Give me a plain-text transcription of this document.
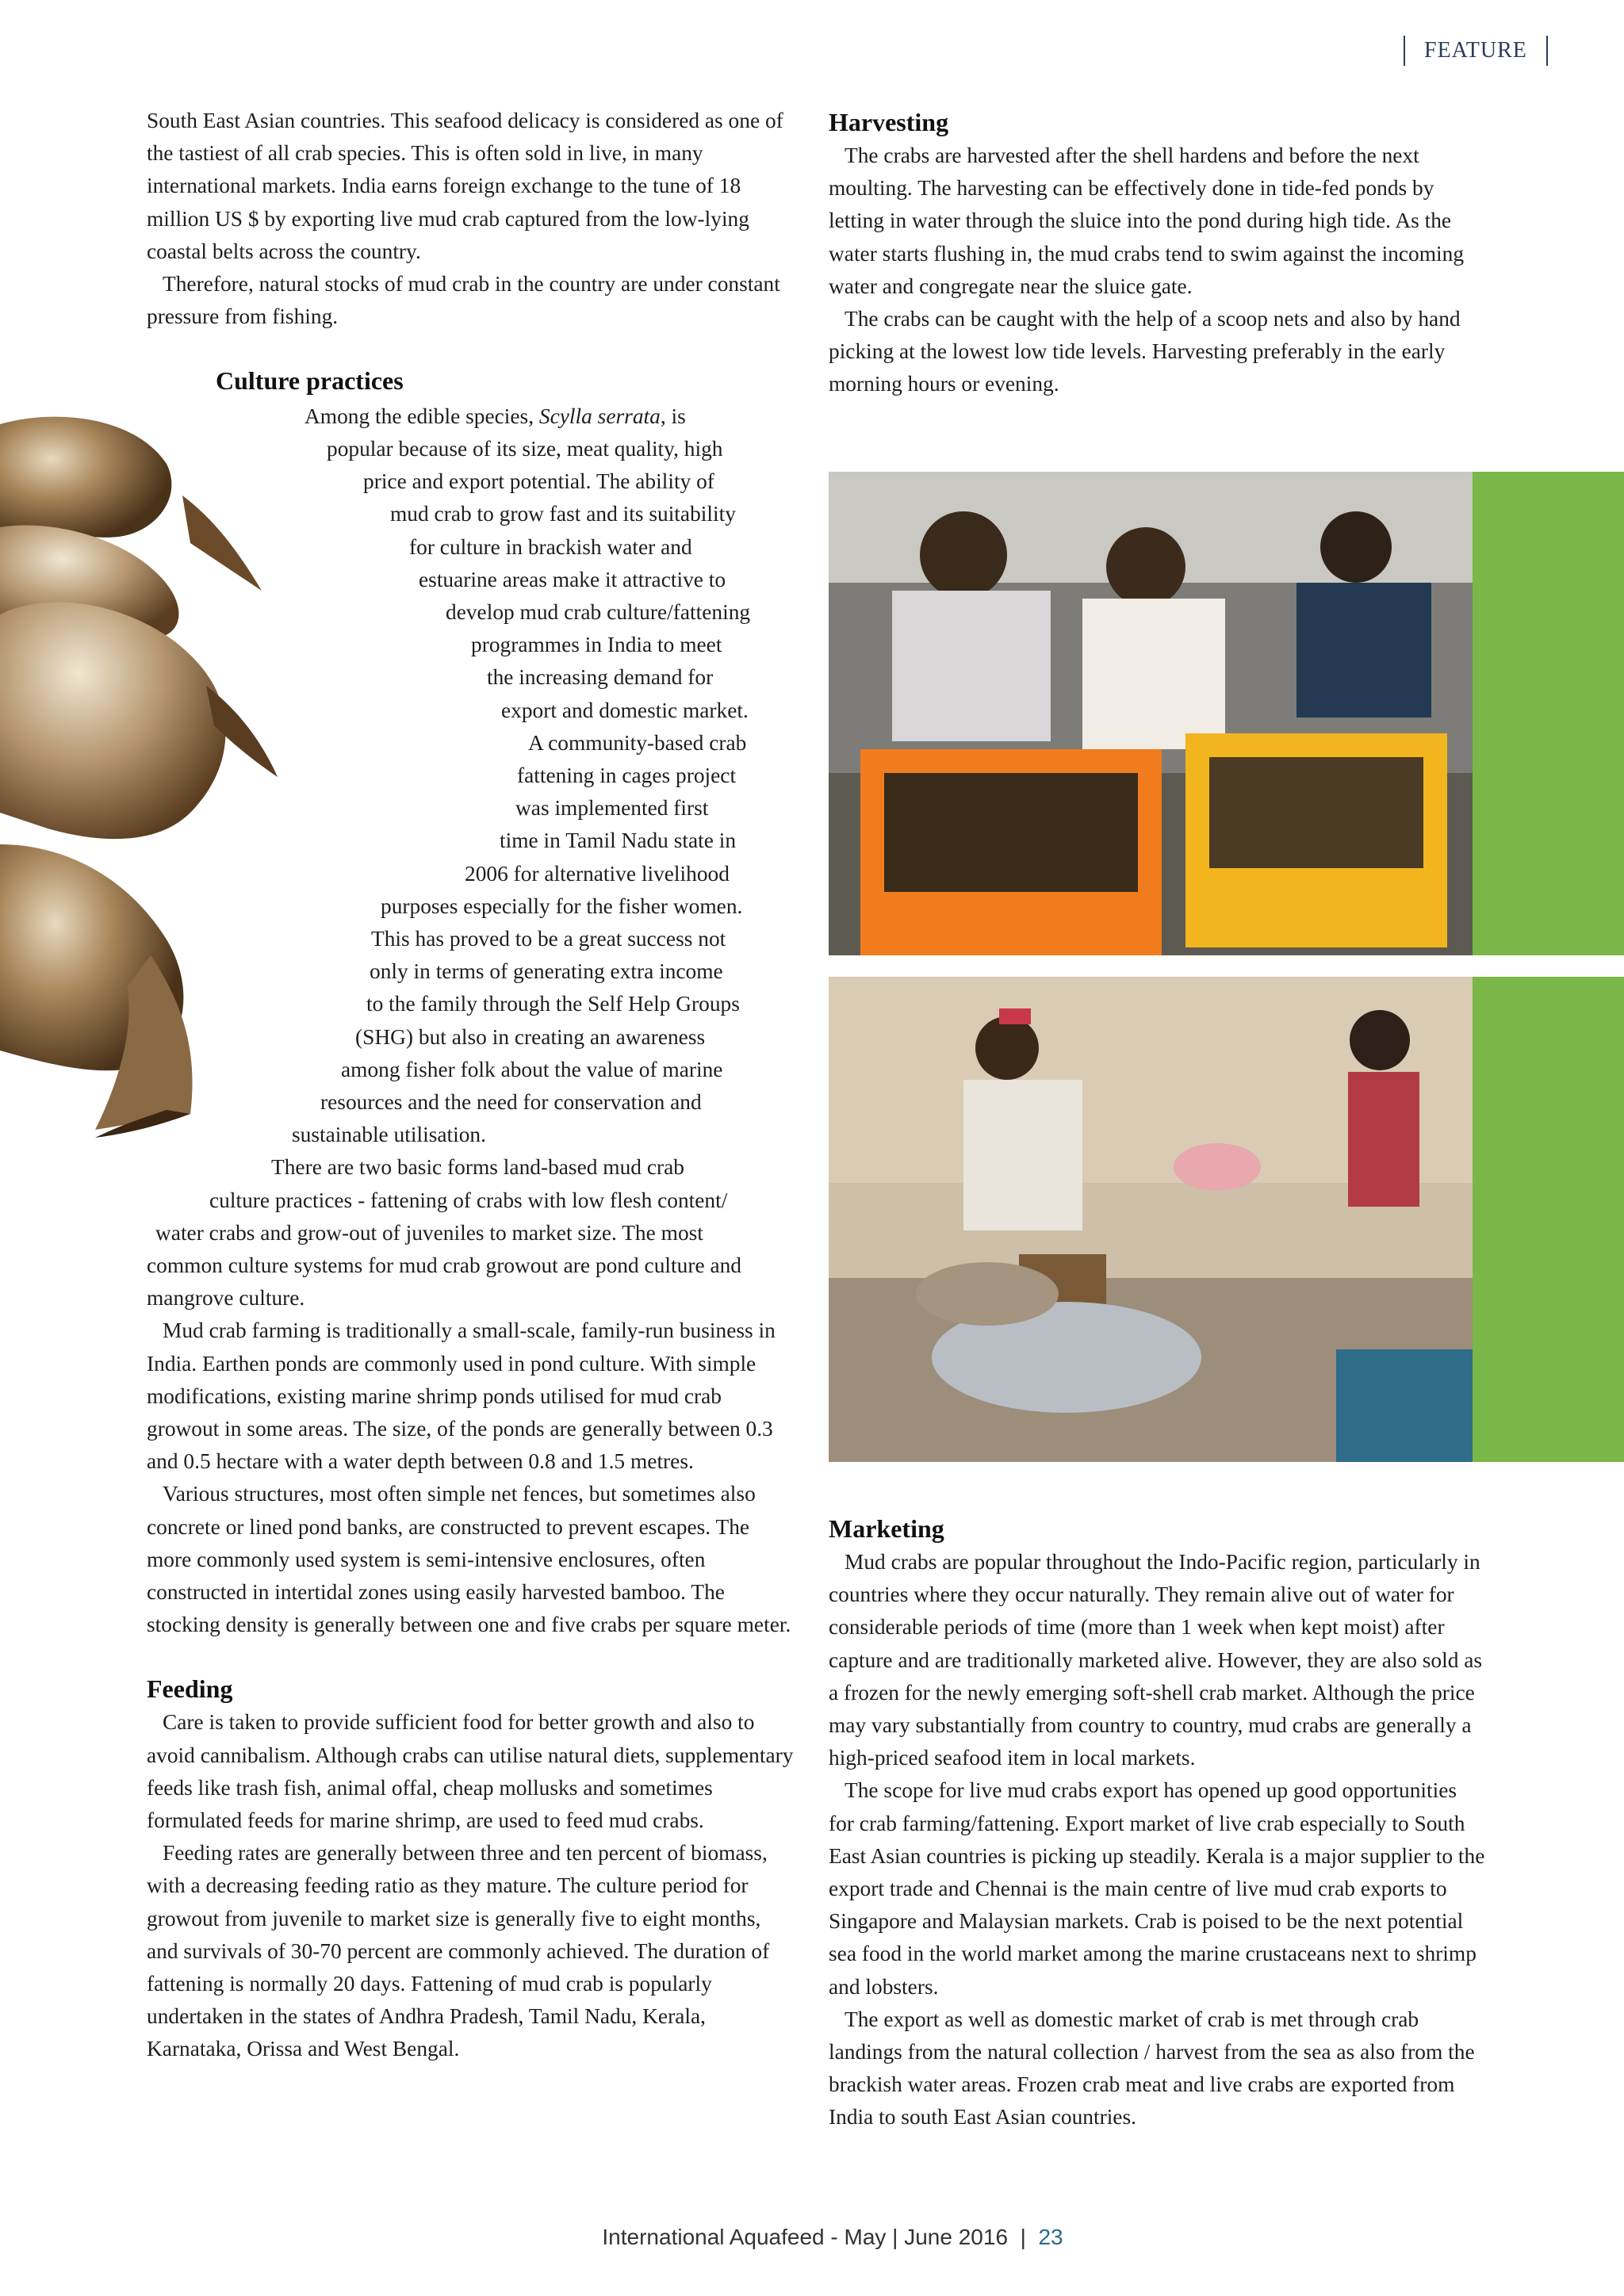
FEATURE

South East Asian countries. This seafood delicacy is considered as one of the tastiest of all crab species. This is often sold in live, in many international markets. India earns foreign exchange to the tune of 18 million US $ by exporting live mud crab captured from the low-lying coastal belts across the country.

Therefore, natural stocks of mud crab in the country are under constant pressure from fishing.

Culture practices
Among the edible species, Scylla serrata, is
popular because of its size, meat quality, high
price and export potential. The ability of
mud crab to grow fast and its suitability
for culture in brackish water and
estuarine areas make it attractive to
develop mud crab culture/fattening
programmes in India to meet
the increasing demand for
export and domestic market.
A community-based crab
fattening in cages project
was implemented first
time in Tamil Nadu state in
2006 for alternative livelihood
purposes especially for the fisher women.
This has proved to be a great success not
only in terms of generating extra income
to the family through the Self Help Groups
(SHG) but also in creating an awareness
among fisher folk about the value of marine
resources and the need for conservation and
sustainable utilisation.
There are two basic forms land-based mud crab
culture practices - fattening of crabs with low flesh content/
water crabs and grow-out of juveniles to market size. The most

common culture systems for mud crab growout are pond culture and mangrove culture.

Mud crab farming is traditionally a small-scale, family-run business in India. Earthen ponds are commonly used in pond culture. With simple modifications, existing marine shrimp ponds utilised for mud crab growout in some areas. The size, of the ponds are generally between 0.3 and 0.5 hectare with a water depth between 0.8 and 1.5 metres.

Various structures, most often simple net fences, but sometimes also concrete or lined pond banks, are constructed to prevent escapes. The more commonly used system is semi-intensive enclosures, often constructed in intertidal zones using easily harvested bamboo. The stocking density is generally between one and five crabs per square meter.

Feeding

Care is taken to provide sufficient food for better growth and also to avoid cannibalism. Although crabs can utilise natural diets, supplementary feeds like trash fish, animal offal, cheap mollusks and sometimes formulated feeds for marine shrimp, are used to feed mud crabs.

Feeding rates are generally between three and ten percent of biomass, with a decreasing feeding ratio as they mature. The culture period for growout from juvenile to market size is generally five to eight months, and survivals of 30-70 percent are commonly achieved. The duration of fattening is normally 20 days. Fattening of mud crab is popularly undertaken in the states of Andhra Pradesh, Tamil Nadu, Kerala, Karnataka, Orissa and West Bengal.

Harvesting

The crabs are harvested after the shell hardens and before the next moulting. The harvesting can be effectively done in tide-fed ponds by letting in water through the sluice into the pond during high tide. As the water starts flushing in, the mud crabs tend to swim against the incoming water and congregate near the sluice gate.

The crabs can be caught with the help of a scoop nets and also by hand picking at the lowest low tide levels. Harvesting preferably in the early morning hours or evening.

Marketing

Mud crabs are popular throughout the Indo-Pacific region, particularly in countries where they occur naturally. They remain alive out of water for considerable periods of time (more than 1 week when kept moist) after capture and are traditionally marketed alive. However, they are also sold as a frozen for the newly emerging soft-shell crab market. Although the price may vary substantially from country to country, mud crabs are generally a high-priced seafood item in local markets.

The scope for live mud crabs export has opened up good opportunities for crab farming/fattening. Export market of live crab especially to South East Asian countries is picking up steadily. Kerala is a major supplier to the export trade and Chennai is the main centre of live mud crab exports to Singapore and Malaysian markets. Crab is poised to be the next potential sea food in the world market among the marine crustaceans next to shrimp and lobsters.

The export as well as domestic market of crab is met through crab landings from the natural collection / harvest from the sea as also from the brackish water areas. Frozen crab meat and live crabs are exported from India to south East Asian countries.

International Aquafeed - May | June 2016  |  23
